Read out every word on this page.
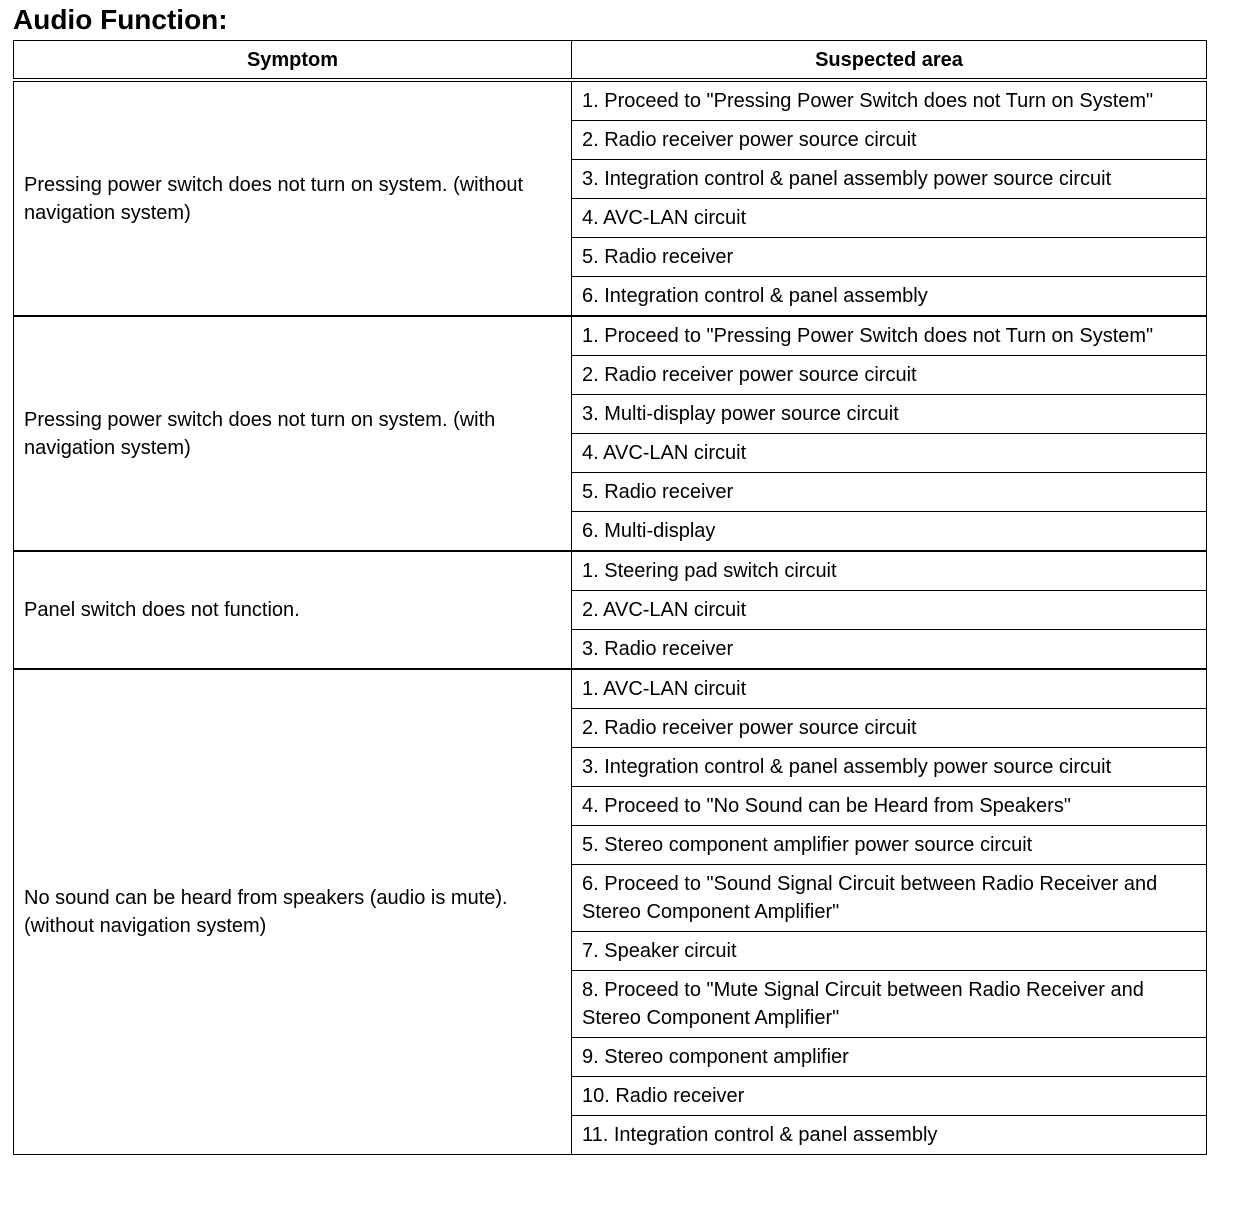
Audio Function:
Symptom	Suspected area
Pressing power switch does not turn on system. (without navigation system)	1. Proceed to "Pressing Power Switch does not Turn on System"
	2. Radio receiver power source circuit
	3. Integration control & panel assembly power source circuit
	4. AVC-LAN circuit
	5. Radio receiver
	6. Integration control & panel assembly
Pressing power switch does not turn on system. (with navigation system)	1. Proceed to "Pressing Power Switch does not Turn on System"
	2. Radio receiver power source circuit
	3. Multi-display power source circuit
	4. AVC-LAN circuit
	5. Radio receiver
	6. Multi-display
Panel switch does not function.	1. Steering pad switch circuit
	2. AVC-LAN circuit
	3. Radio receiver
No sound can be heard from speakers (audio is mute). (without navigation system)	1. AVC-LAN circuit
	2. Radio receiver power source circuit
	3. Integration control & panel assembly power source circuit
	4. Proceed to "No Sound can be Heard from Speakers"
	5. Stereo component amplifier power source circuit
	6. Proceed to "Sound Signal Circuit between Radio Receiver and Stereo Component Amplifier"
	7. Speaker circuit
	8. Proceed to "Mute Signal Circuit between Radio Receiver and Stereo Component Amplifier"
	9. Stereo component amplifier
	10. Radio receiver
	11. Integration control & panel assembly
